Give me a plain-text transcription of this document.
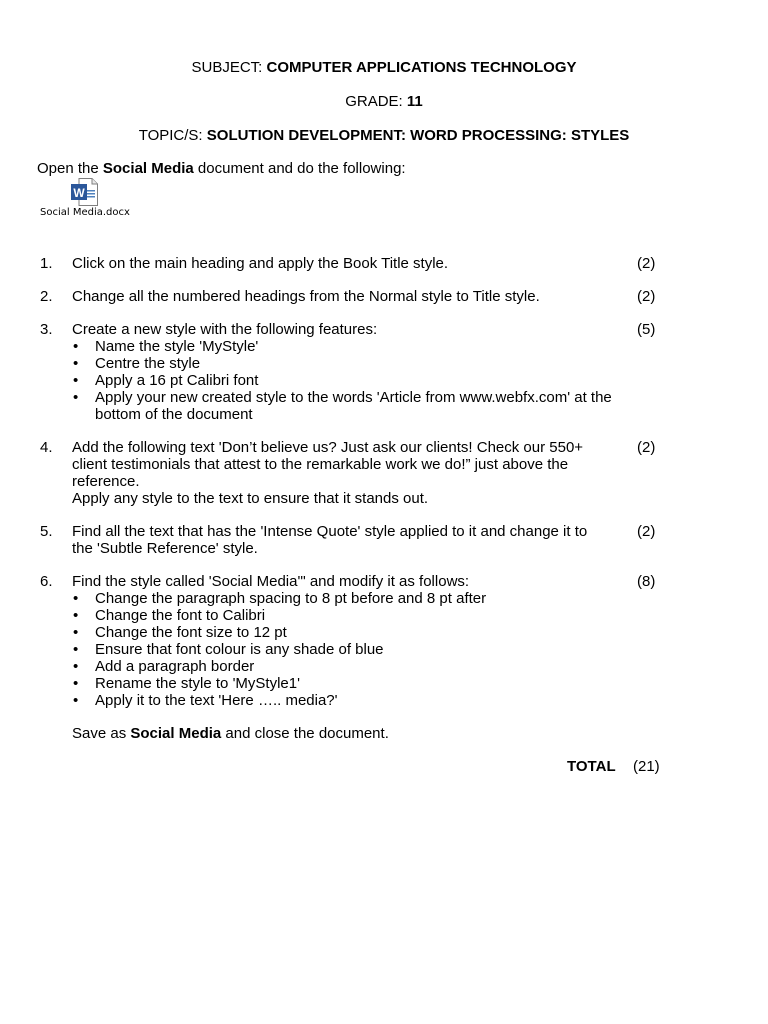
SUBJECT: COMPUTER APPLICATIONS TECHNOLOGY
GRADE: 11
TOPIC/S: SOLUTION DEVELOPMENT: WORD PROCESSING: STYLES
Open the Social Media document and do the following:
W
Social Media.docx
1. Click on the main heading and apply the Book Title style.	(2)
2. Change all the numbered headings from the Normal style to Title style.	(2)
3. Create a new style with the following features:
• Name the style 'MyStyle'
• Centre the style
• Apply a 16 pt Calibri font
• Apply your new created style to the words 'Article from www.webfx.com' at the bottom of the document
(5)
4. Add the following text 'Don’t believe us? Just ask our clients! Check our 550+ client testimonials that attest to the remarkable work we do!” just above the reference.
Apply any style to the text to ensure that it stands out.
(2)
5. Find all the text that has the 'Intense Quote' style applied to it and change it to the 'Subtle Reference' style.
(2)
6. Find the style called 'Social Media'" and modify it as follows:
• Change the paragraph spacing to 8 pt before and 8 pt after
• Change the font to Calibri
• Change the font size to 12 pt
• Ensure that font colour is any shade of blue
• Add a paragraph border
• Rename the style to 'MyStyle1'
• Apply it to the text 'Here ….. media?'
(8)
Save as Social Media and close the document.
TOTAL (21)
